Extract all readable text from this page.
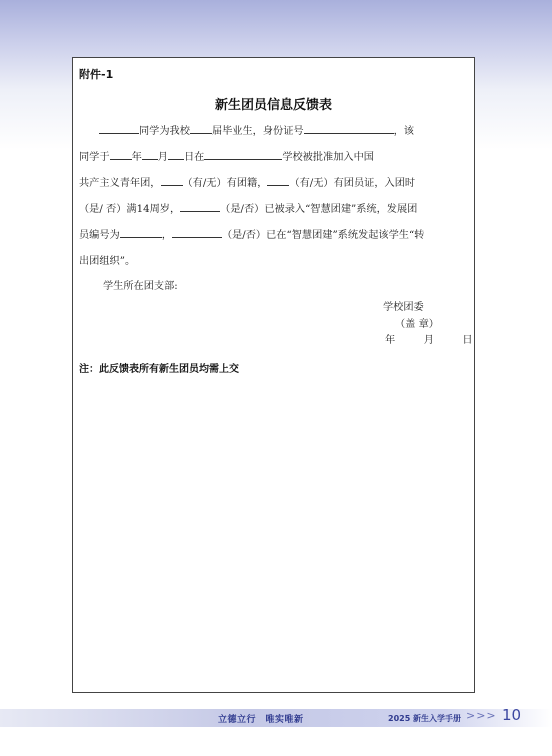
附件-1
新生团员信息反馈表

同学为我校 届毕业生，身份证号	，该

同学于 年 月 日在	学校被批准加入中国

共产主义青年团， （有/无）有团籍， （有/无）有团员证，入团时

（是/ 否）满14周岁，	（是/否）已被录入“智慧团建”系统，发展团

员编号为	，	（是/否）已在“智慧团建”系统发起该学生“转

出团组织”。

学生所在团支部:
学校团委
（盖 章）
年	月	日
注：此反馈表所有新生团员均需上交
立德立行　唯实唯新	2025 新生入学手册 >>> 10
